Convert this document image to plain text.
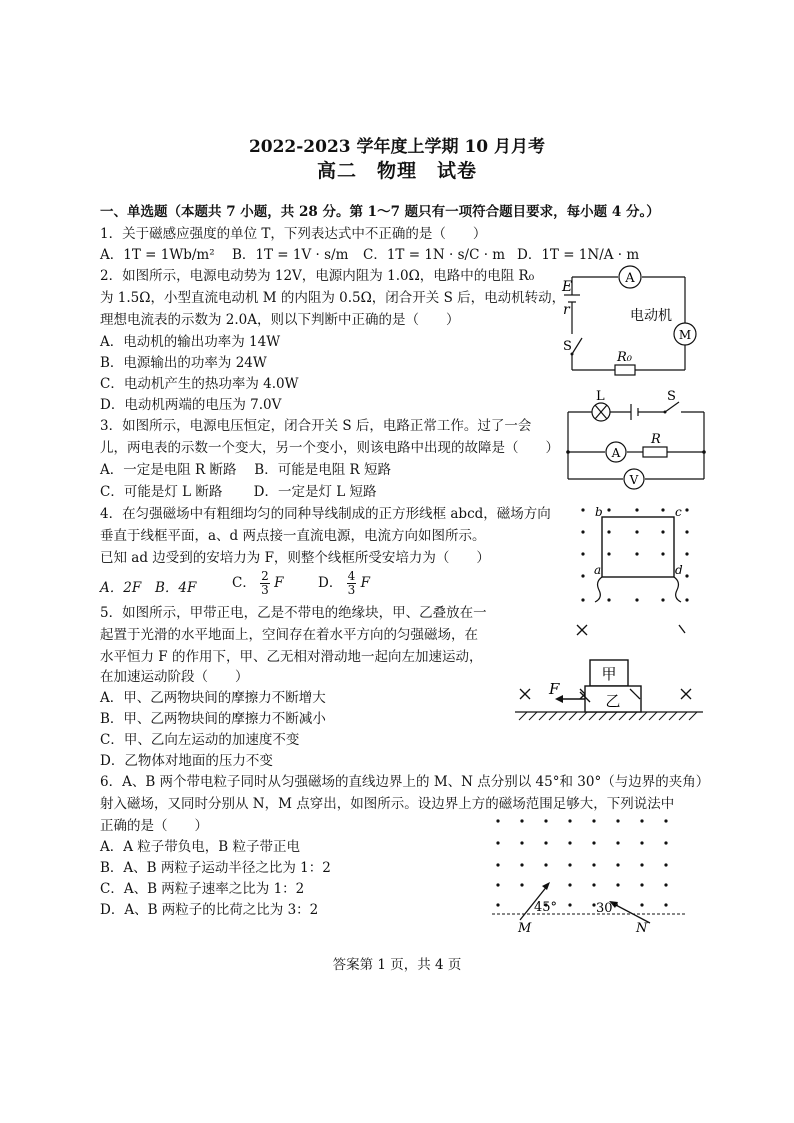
2022-2023 学年度上学期 10 月月考
高二　物理　试卷
一、单选题（本题共 7 小题，共 28 分。第 1～7 题只有一项符合题目要求，每小题 4 分。）
1．关于磁感应强度的单位 T，下列表达式中不正确的是（　　）
A．1T = 1Wb/m² B．1T = 1V · s/m C．1T = 1N · s/C · m D．1T = 1N/A · m
2．如图所示，电源电动势为 12V，电源内阻为 1.0Ω，电路中的电阻 R₀
为 1.5Ω，小型直流电动机 M 的内阻为 0.5Ω，闭合开关 S 后，电动机转动，
理想电流表的示数为 2.0A，则以下判断中正确的是（　　）
A．电动机的输出功率为 14W
B．电源输出的功率为 24W
C．电动机产生的热功率为 4.0W
D．电动机两端的电压为 7.0V
A
M
E
r	电动机
S
R₀
3．如图所示，电源电压恒定，闭合开关 S 后，电路正常工作。过了一会
儿，两电表的示数一个变大，另一个变小，则该电路中出现的故障是（　　）
A．一定是电阻 R 断路　 B．可能是电阻 R 短路
C．可能是灯 L 断路　　 D．一定是灯 L 短路
L	S
A
R
V
4．在匀强磁场中有粗细均匀的同种导线制成的正方形线框 abcd，磁场方向
垂直于线框平面，a、d 两点接一直流电源，电流方向如图所示。
已知 ad 边受到的安培力为 F，则整个线框所受安培力为（　　）
A．2F B．4F	C． $\frac{2}{3}$ F	D． $\frac{4}{3}$ F
b	c
a	d
5．如图所示，甲带正电，乙是不带电的绝缘块，甲、乙叠放在一
起置于光滑的水平地面上，空间存在着水平方向的匀强磁场，在
水平恒力 F 的作用下，甲、乙无相对滑动地一起向左加速运动，
在加速运动阶段（　　）
A．甲、乙两物块间的摩擦力不断增大
B．甲、乙两物块间的摩擦力不断减小
C．甲、乙向左运动的加速度不变
D．乙物体对地面的压力不变
甲
乙
F
6．A、B 两个带电粒子同时从匀强磁场的直线边界上的 M、N 点分别以 45°和 30°（与边界的夹角）
射入磁场，又同时分别从 N，M 点穿出，如图所示。设边界上方的磁场范围足够大，下列说法中
正确的是（　　）
A．A 粒子带负电，B 粒子带正电
B．A、B 两粒子运动半径之比为 1：2
C．A、B 两粒子速率之比为 1：2
D．A、B 两粒子的比荷之比为 3：2	45°	30°
M	N
答案第 1 页，共 4 页
